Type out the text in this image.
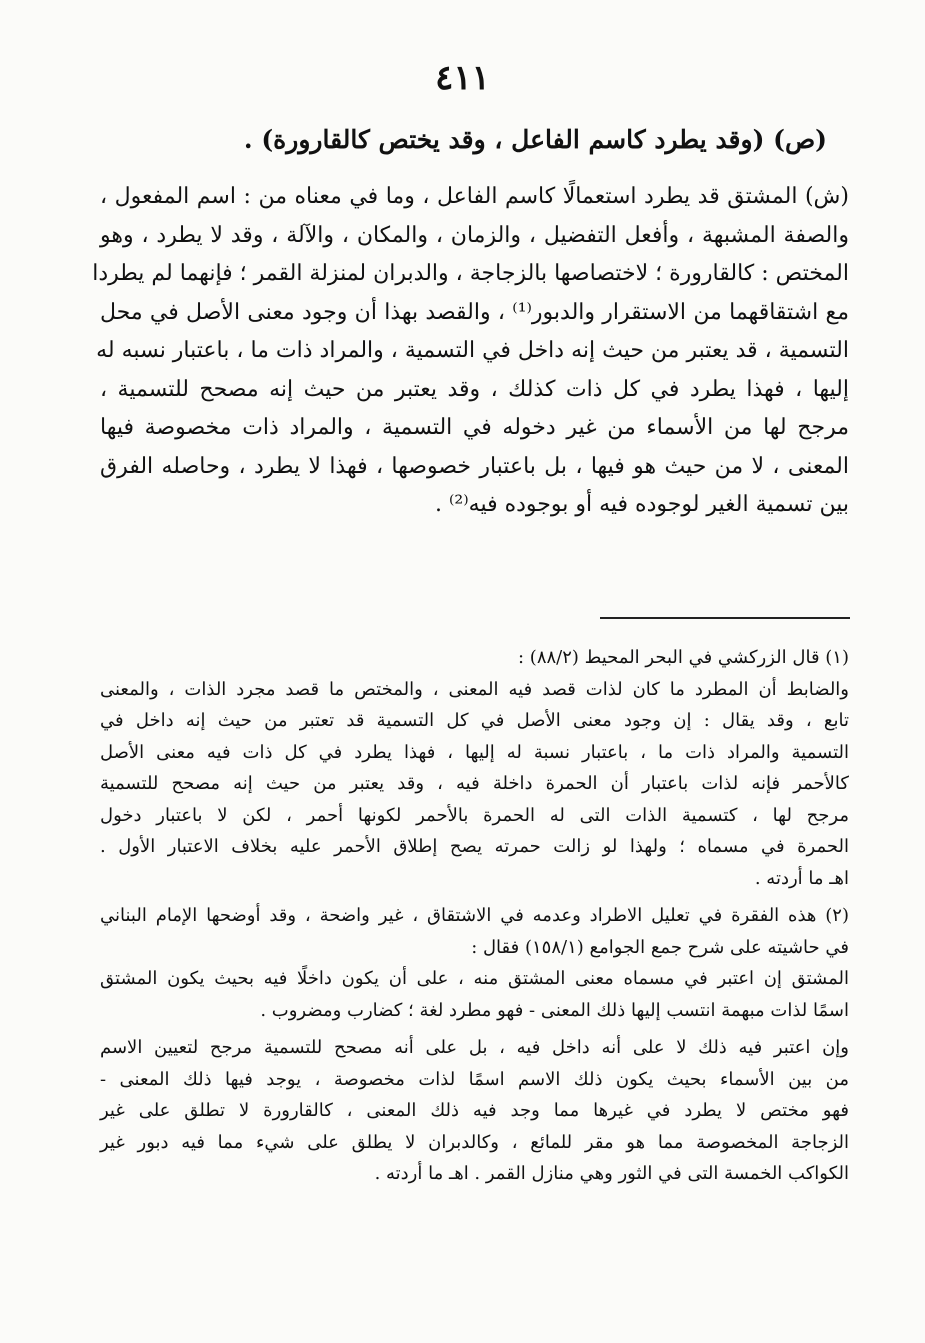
٤١١
(ص) (وقد يطرد كاسم الفاعل ، وقد يختص كالقارورة) .
(ش) المشتق قد يطرد استعمالًا كاسم الفاعل ، وما في معناه من : اسم المفعول ،
والصفة المشبهة ، وأفعل التفضيل ، والزمان ، والمكان ، والآلة ، وقد لا يطرد ، وهو
المختص : كالقارورة ؛ لاختصاصها بالزجاجة ، والدبران لمنزلة القمر ؛ فإنهما لم يطردا
مع اشتقاقهما من الاستقرار والدبور⁽¹⁾ ، والقصد بهذا أن وجود معنى الأصل في محل
التسمية ، قد يعتبر من حيث إنه داخل في التسمية ، والمراد ذات ما ، باعتبار نسبه له
إليها ، فهذا يطرد في كل ذات كذلك ، وقد يعتبر من حيث إنه مصحح للتسمية ،
مرجح لها من الأسماء من غير دخوله في التسمية ، والمراد ذات مخصوصة فيها
المعنى ، لا من حيث هو فيها ، بل باعتبار خصوصها ، فهذا لا يطرد ، وحاصله الفرق
بين تسمية الغير لوجوده فيه أو بوجوده فيه⁽²⁾ .
(١) قال الزركشي في البحر المحيط (٨٨/٢) :
والضابط أن المطرد ما كان لذات قصد فيه المعنى ، والمختص ما قصد مجرد الذات ، والمعنى
تابع ، وقد يقال : إن وجود معنى الأصل في كل التسمية قد تعتبر من حيث إنه داخل في
التسمية والمراد ذات ما ، باعتبار نسبة له إليها ، فهذا يطرد في كل ذات فيه معنى الأصل
كالأحمر فإنه لذات باعتبار أن الحمرة داخلة فيه ، وقد يعتبر من حيث إنه مصحح للتسمية
مرجح لها ، كتسمية الذات التى له الحمرة بالأحمر لكونها أحمر ، لكن لا باعتبار دخول
الحمرة في مسماه ؛ ولهذا لو زالت حمرته يصح إطلاق الأحمر عليه بخلاف الاعتبار الأول .
اهـ ما أردته .
(٢) هذه الفقرة في تعليل الاطراد وعدمه في الاشتقاق ، غير واضحة ، وقد أوضحها الإمام البناني
في حاشيته على شرح جمع الجوامع (١٥٨/١) فقال :
المشتق إن اعتبر في مسماه معنى المشتق منه ، على أن يكون داخلًا فيه بحيث يكون المشتق
اسمًا لذات مبهمة انتسب إليها ذلك المعنى - فهو مطرد لغة ؛ كضارب ومضروب .
وإن اعتبر فيه ذلك لا على أنه داخل فيه ، بل على أنه مصحح للتسمية مرجح لتعيين الاسم
من بين الأسماء بحيث يكون ذلك الاسم اسمًا لذات مخصوصة ، يوجد فيها ذلك المعنى -
فهو مختص لا يطرد في غيرها مما وجد فيه ذلك المعنى ، كالقارورة لا تطلق على غير
الزجاجة المخصوصة مما هو مقر للمائع ، وكالدبران لا يطلق على شيء مما فيه دبور غير
الكواكب الخمسة التى في الثور وهي منازل القمر . اهـ ما أردته .
